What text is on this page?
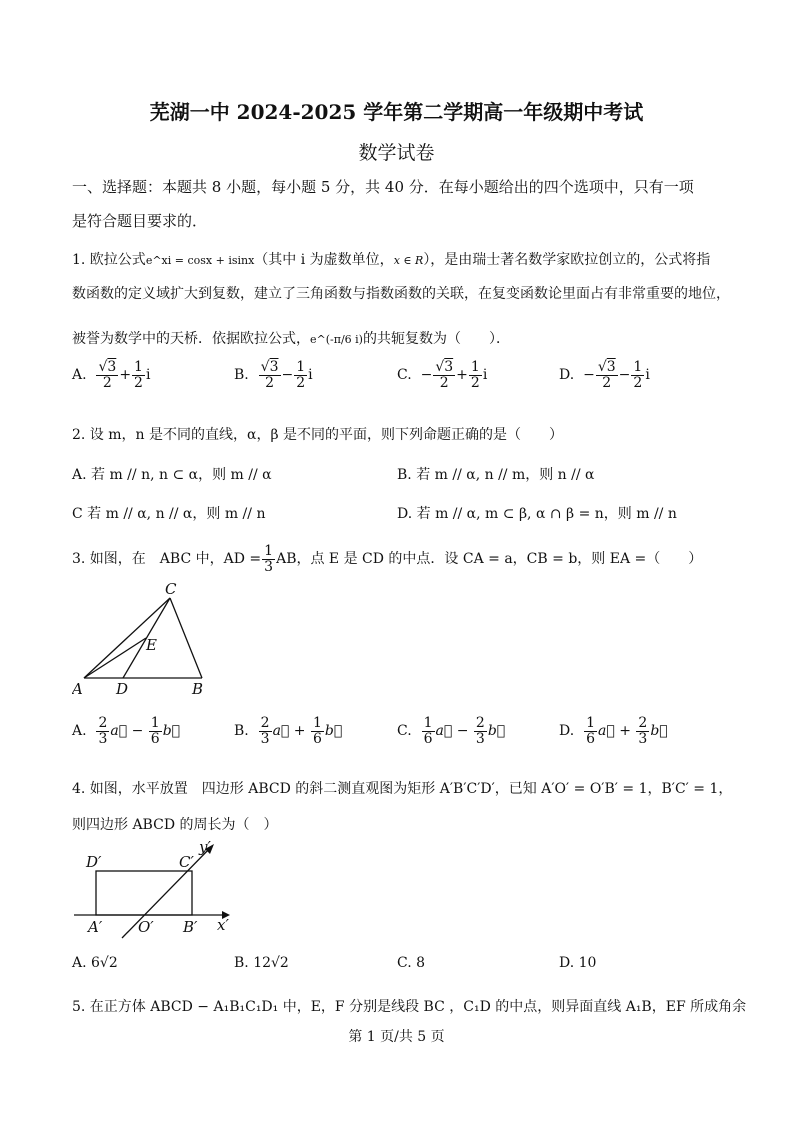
芜湖一中 2024-2025 学年第二学期高一年级期中考试
数学试卷
一、选择题：本题共 8 小题，每小题 5 分，共 40 分．在每小题给出的四个选项中，只有一项
是符合题目要求的．
1. 欧拉公式e^xi = cosx + isinx（其中 i 为虚数单位，x ∈ R），是由瑞士著名数学家欧拉创立的，公式将指
数函数的定义域扩大到复数，建立了三角函数与指数函数的关联，在复变函数论里面占有非常重要的地位，
被誉为数学中的天桥．依据欧拉公式，e^(-π/6 i)的共轭复数为（　　）．
A. $\frac{√3}{2} + \frac{1}{2}$ i	B. $\frac{√3}{2} - \frac{1}{2}$ i	C. − $\frac{√3}{2} + \frac{1}{2}$ i	D. − $\frac{√3}{2} - \frac{1}{2}$ i
2. 设 m，n 是不同的直线，α，β 是不同的平面，则下列命题正确的是（　　）
A. 若 m // n, n ⊂ α，则 m // α	B. 若 m // α, n // m，则 n // α
C 若 m // α, n // α，则 m // n	D. 若 m // α, m ⊂ β, α ∩ β = n，则 m // n
3. 如图，在　ABC 中，AD = $\frac{1}{3}$ AB，点 E 是 CD 的中点．设 CA = a，CB = b，则 EA =（　　）
A	B
C
D
E
A. $\frac{2}{3}$ a⃗ − $\frac{1}{6}$ b⃗	B. $\frac{2}{3}$ a⃗ + $\frac{1}{6}$ b⃗	C. $\frac{1}{6}$ a⃗ − $\frac{2}{3}$ b⃗	D. $\frac{1}{6}$ a⃗ + $\frac{2}{3}$ b⃗
4. 如图，水平放置　四边形 ABCD 的斜二测直观图为矩形 A′B′C′D′，已知 A′O′ = O′B′ = 1，B′C′ = 1，
则四边形 ABCD 的周长为（　）
D′	C′
A′ O′ B′ x′
y′
A. 6√2	B. 12√2	C. 8	D. 10
5. 在正方体 ABCD − A₁B₁C₁D₁ 中，E，F 分别是线段 BC ，C₁D 的中点，则异面直线 A₁B，EF 所成角余
第 1 页/共 5 页
